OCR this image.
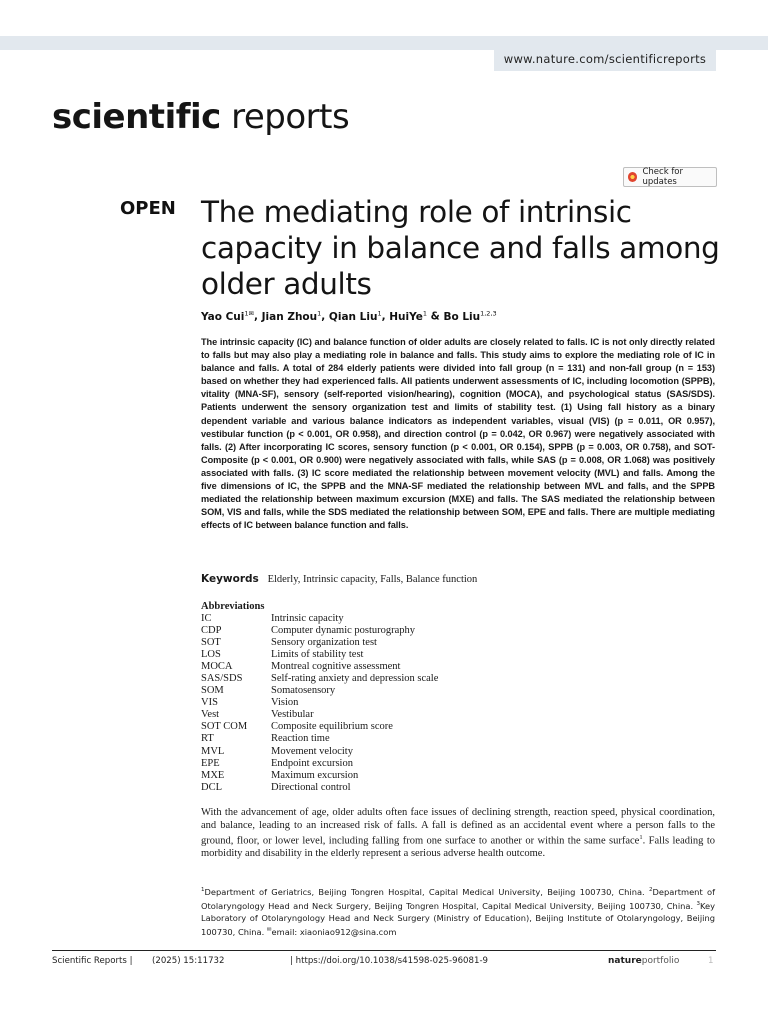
www.nature.com/scientificreports
scientific reports
Check for updates
OPEN The mediating role of intrinsic capacity in balance and falls among older adults
Yao Cui$^{1✉}$, Jian Zhou$^1$, Qian Liu$^1$, HuiYe$^1$ & Bo Liu$^{1,2,3}$
The intrinsic capacity (IC) and balance function of older adults are closely related to falls. IC is not only directly related to falls but may also play a mediating role in balance and falls. This study aims to explore the mediating role of IC in balance and falls. A total of 284 elderly patients were divided into fall group (n = 131) and non-fall group (n = 153) based on whether they had experienced falls. All patients underwent assessments of IC, including locomotion (SPPB), vitality (MNA-SF), sensory (self-reported vision/hearing), cognition (MOCA), and psychological status (SAS/SDS). Patients underwent the sensory organization test and limits of stability test. (1) Using fall history as a binary dependent variable and various balance indicators as independent variables, visual (VIS) (p = 0.011, OR 0.957), vestibular function (p < 0.001, OR 0.958), and direction control (p = 0.042, OR 0.967) were negatively associated with falls. (2) After incorporating IC scores, sensory function (p < 0.001, OR 0.154), SPPB (p = 0.003, OR 0.758), and SOT-Composite (p < 0.001, OR 0.900) were negatively associated with falls, while SAS (p = 0.008, OR 1.068) was positively associated with falls. (3) IC score mediated the relationship between movement velocity (MVL) and falls. Among the five dimensions of IC, the SPPB and the MNA-SF mediated the relationship between MVL and falls, and the SPPB mediated the relationship between maximum excursion (MXE) and falls. The SAS mediated the relationship between SOM, VIS and falls, while the SDS mediated the relationship between SOM, EPE and falls. There are multiple mediating effects of IC between balance function and falls.
Keywords Elderly, Intrinsic capacity, Falls, Balance function
Abbreviations
IC	Intrinsic capacity
CDP	Computer dynamic posturography
SOT	Sensory organization test
LOS	Limits of stability test
MOCA	Montreal cognitive assessment
SAS/SDS	Self-rating anxiety and depression scale
SOM	Somatosensory
VIS	Vision
Vest	Vestibular
SOT COM	Composite equilibrium score
RT	Reaction time
MVL	Movement velocity
EPE	Endpoint excursion
MXE	Maximum excursion
DCL	Directional control
With the advancement of age, older adults often face issues of declining strength, reaction speed, physical coordination, and balance, leading to an increased risk of falls. A fall is defined as an accidental event where a person falls to the ground, floor, or lower level, including falling from one surface to another or within the same surface$^1$. Falls leading to morbidity and disability in the elderly represent a serious adverse health outcome.
$^1$Department of Geriatrics, Beijing Tongren Hospital, Capital Medical University, Beijing 100730, China. $^2$Department of Otolaryngology Head and Neck Surgery, Beijing Tongren Hospital, Capital Medical University, Beijing 100730, China. $^3$Key Laboratory of Otolaryngology Head and Neck Surgery (Ministry of Education), Beijing Institute of Otolaryngology, Beijing 100730, China. ✉email: xiaoniao912@sina.com
Scientific Reports | (2025) 15:11732	| https://doi.org/10.1038/s41598-025-96081-9	natureportfolio	1
